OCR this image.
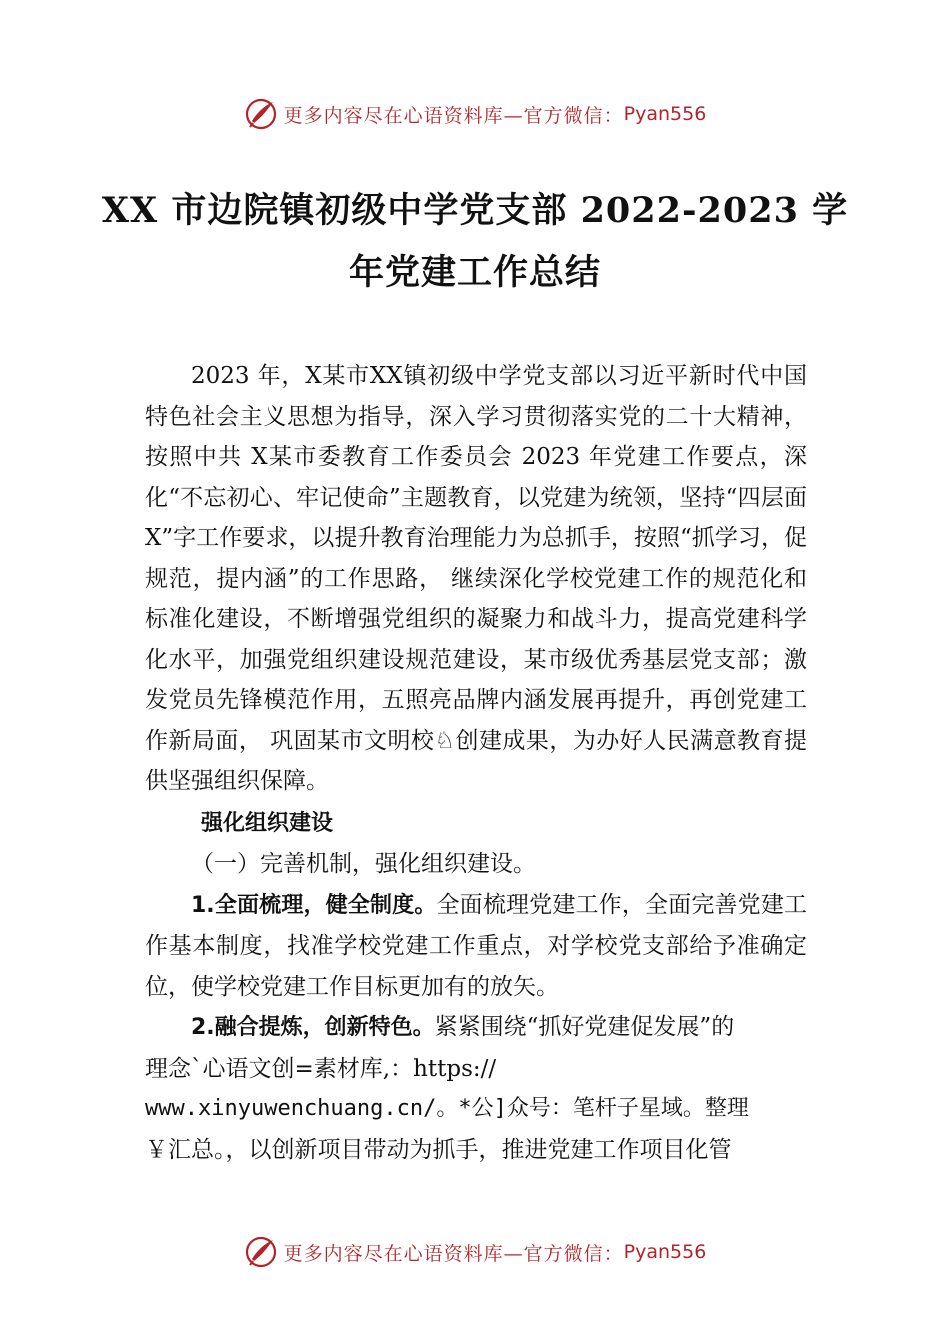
更多内容尽在心语资料库—官方微信： Pyan556
XX 市边院镇初级中学党支部 2022-2023 学
年党建工作总结

2023 年，X某市XX镇初级中学党支部以习近平新时代中国特色社会主义思想为指导，深入学习贯彻落实党的二十大精神，按照中共 X某市委教育工作委员会 2023 年党建工作要点，深化“不忘初心、牢记使命”主题教育，以党建为统领，坚持“四层面 X”字工作要求，以提升教育治理能力为总抓手，按照“抓学习，促规范，提内涵”的工作思路， 继续深化学校党建工作的规范化和标准化建设，不断增强党组织的凝聚力和战斗力，提高党建科学化水平，加强党组织建设规范建设，某市级优秀基层党支部；激发党员先锋模范作用，五照亮品牌内涵发展再提升，再创党建工作新局面， 巩固某市文明校♘创建成果，为办好人民满意教育提供坚强组织保障。

强化组织建设

（一）完善机制，强化组织建设。

1.全面梳理，健全制度。全面梳理党建工作，全面完善党建工作基本制度，找准学校党建工作重点，对学校党支部给予准确定位，使学校党建工作目标更加有的放矢。

2.融合提炼，创新特色。紧紧围绕“抓好党建促发展”的

理念`心语文创=素材库,：https://
www.xinyuwenchuang.cn/。*公]众号：笔杆子星域。整理
￥汇总。，以创新项目带动为抓手，推进党建工作项目化管
更多内容尽在心语资料库—官方微信： Pyan556
